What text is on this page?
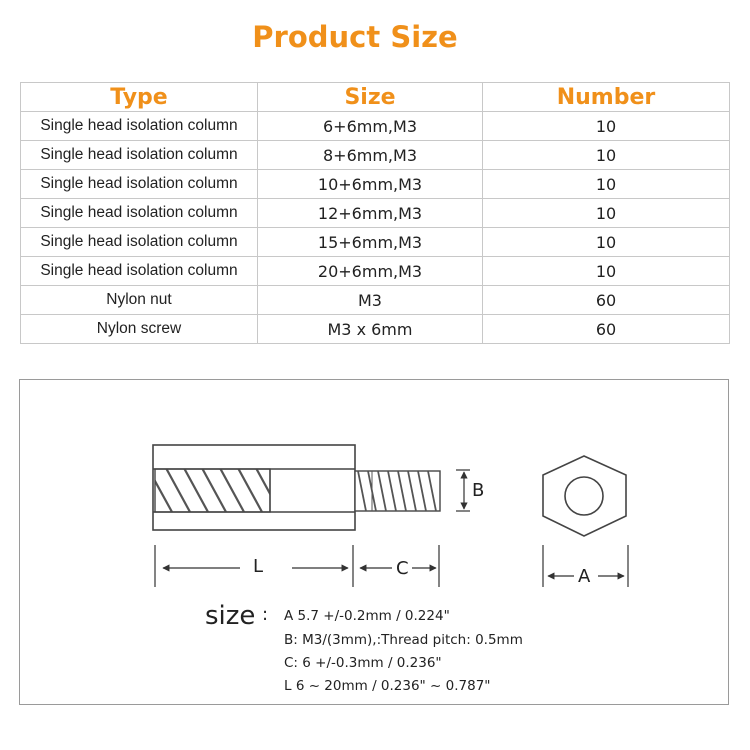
Product Size
Type	Size	Number
Single head isolation column	6+6mm,M3	10
Single head isolation column	8+6mm,M3	10
Single head isolation column	10+6mm,M3	10
Single head isolation column	12+6mm,M3	10
Single head isolation column	15+6mm,M3	10
Single head isolation column	20+6mm,M3	10
Nylon nut	M3	60
Nylon screw	M3 x 6mm	60
L	C
B
A
size : A 5.7 +/-0.2mm / 0.224"
B: M3/(3mm),:Thread pitch: 0.5mm
C: 6 +/-0.3mm / 0.236"
L 6 ~ 20mm / 0.236" ~ 0.787"
